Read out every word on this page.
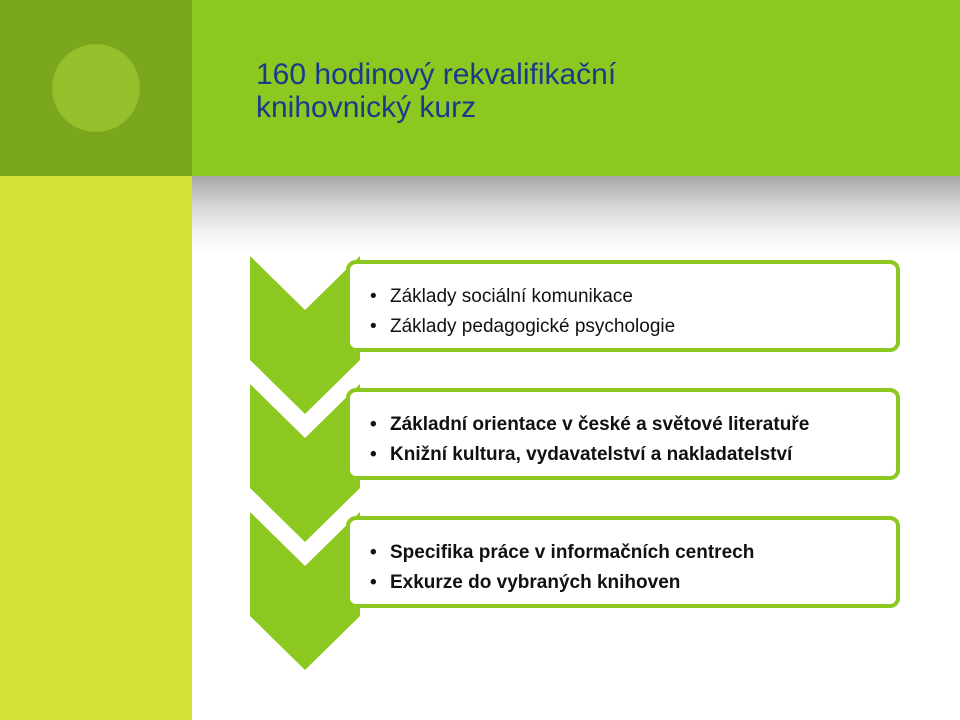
160 hodinový rekvalifikační
knihovnický kurz
• Základy sociální komunikace
• Základy pedagogické psychologie
• Základní orientace v české a světové literatuře
• Knižní kultura, vydavatelství a nakladatelství
• Specifika práce v informačních centrech
• Exkurze do vybraných knihoven
